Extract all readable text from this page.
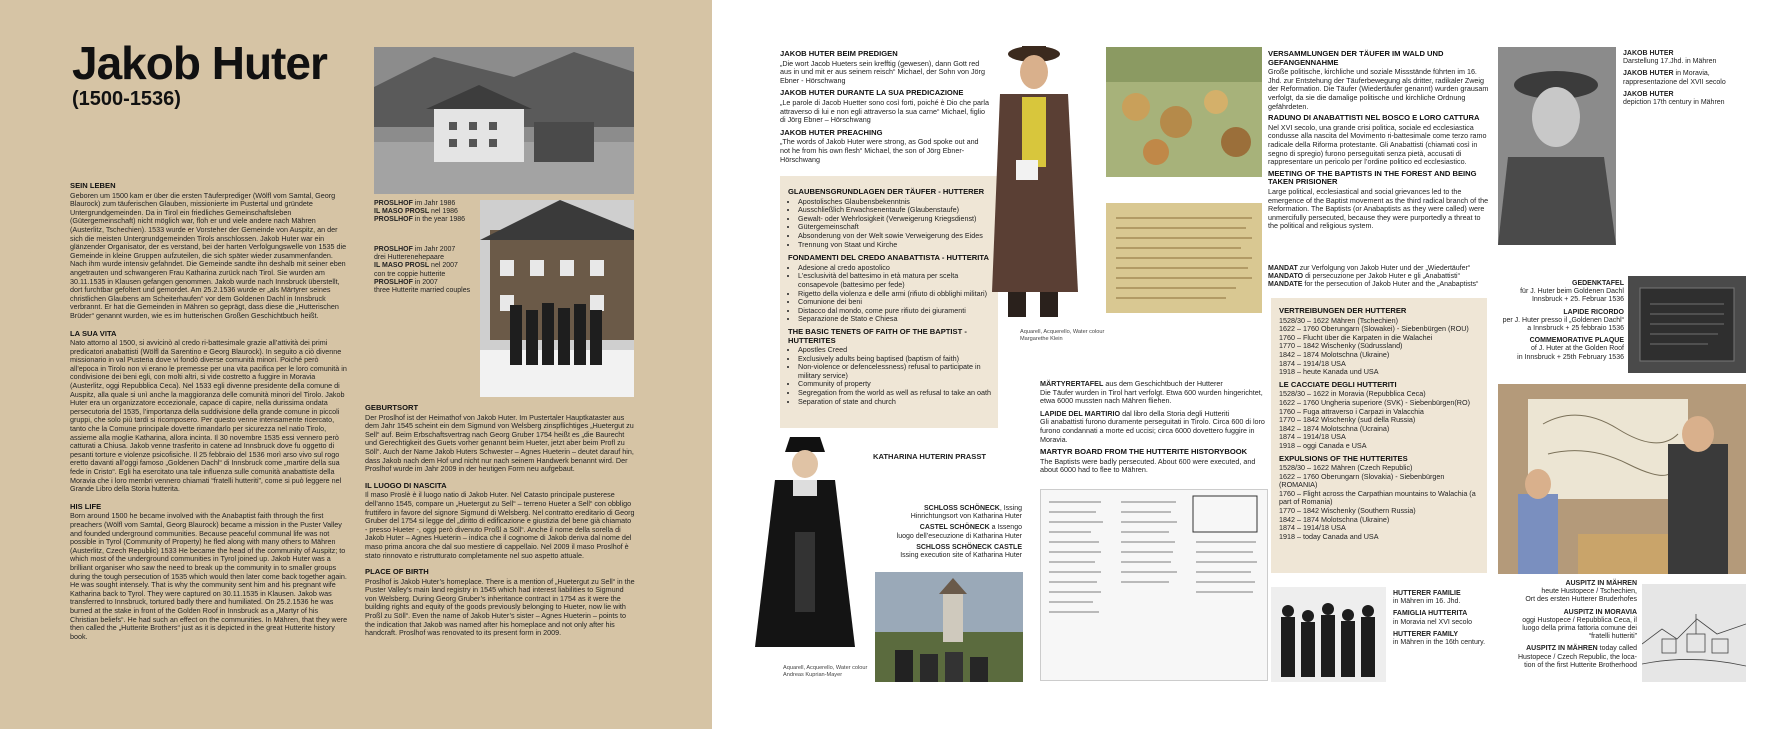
Jakob Huter
(1500-1536)
SEIN LEBEN
Geboren um 1500 kam er über die ersten Täuferprediger (Wölfl vom Samtal, Georg Blaurock) zum täuferischen Glauben, missionierte im Pustertal und gründete Untergrundgemeinden. Da in Tirol ein friedliches Gemeinschaftsleben (Gütergemeinschaft) nicht möglich war, floh er und viele andere nach Mähren (Austerlitz, Tschechien). 1533 wurde er Vorsteher der Gemeinde von Auspitz, an der sich die meisten Untergrundgemeinden Tirols anschlossen. Jakob Huter war ein glänzender Organisator, der es verstand, bei der harten Verfolgungswelle von 1535 die Gemeinde in kleine Gruppen aufzuteilen, die sich später wieder zusammenfanden. Nach ihm wurde intensiv gefahndet. Die Gemeinde sandte ihn deshalb mit seiner eben angetrauten und schwangeren Frau Katharina zurück nach Tirol. Sie wurden am 30.11.1535 in Klausen gefangen genommen. Jakob wurde nach Innsbruck überstellt, dort furchtbar gefoltert und gemordet. Am 25.2.1536 wurde er „als Märtyrer seines christlichen Glaubens am Scheiterhaufen“ vor dem Goldenen Dachl in Innsbruck verbrannt. Er hat die Gemeinden in Mähren so geprägt, dass diese die „Hutterischen Brüder“ genannt wurden, wie es im hutterischen Großen Geschichtbuch heißt.
LA SUA VITA
Nato attorno al 1500, si avvicinò al credo ri-battesimale grazie all’attività dei primi predicatori anabattisti (Wölfl da Sarentino e Georg Blaurock). In seguito a ciò divenne missionario in val Pusteria dove vi fondò diverse comunità minori. Poiché però all’epoca in Tirolo non vi erano le premesse per una vita pacifica per le loro comunità in condivisione dei beni egli, con molti altri, si vide costretto a fuggire in Moravia (Austerlitz, oggi Repubblica Ceca). Nel 1533 egli divenne presidente della comune di Auspitz, alla quale si unì anche la maggioranza delle comunità minori del Tirolo. Jakob Huter era un organizzatore eccezionale, capace di capire, nella durissima ondata persecutoria del 1535, l’importanza della suddivisione della grande comune in piccoli gruppi, che solo più tardi si ricomposero. Per questo venne intensamente ricercato, tanto che la Comune principale dovette rimandarlo per sicurezza nel natio Tirolo, assieme alla moglie Katharina, allora incinta. Il 30 novembre 1535 essi vennero però catturati a Chiusa. Jakob venne trasferito in catene ad Innsbruck dove fu oggetto di pesanti torture e violenze psicofisiche. Il 25 febbraio del 1536 morì arso vivo sul rogo eretto davanti all’oggi famoso „Goldenen Dachl“ di Innsbruck come „martire della sua fede in Cristo“. Egli ha esercitato una tale influenza sulle comunità anabattiste della Moravia che i loro membri vennero chiamati “fratelli hutteriti”, come si può leggere nel Grande Libro della Storia hutterita.
HIS LIFE
Born around 1500 he became involved with the Anabaptist faith through the first preachers (Wölfl vom Samtal, Georg Blaurock) became a mission in the Puster Valley and founded underground communities. Because peaceful communal life was not possible in Tyrol (Community of Property) he fled along with many others to Mähren (Austerlitz, Czech Republic) 1533 He became the head of the community of Auspitz; to which most of the underground communities in Tyrol joined up. Jakob Huter was a brilliant organiser who saw the need to break up the community in to smaller groups during the tough persecution of 1535 which would then later come back together again. He was sought intensely. That is why the community sent him and his pregnant wife Katharina back to Tyrol. They were captured on 30.11.1535 in Klausen. Jakob was transferred to Innsbruck, tortured badly there and humiliated. On 25.2.1536 he was burned at the stake in front of the Golden Roof in Innsbruck as a „Martyr of his Christian beliefs“. He had such an effect on the communities. In Mähren, that they were then called the „Hutterite Brothers“ just as it is depicted in the great Hutterite history book.
PROSLHOF im Jahr 1986
IL MASO PROSL nel 1986
PROSLHOF in the year 1986
PROSLHOF im Jahr 2007
drei Hutterenehepaare
IL MASO PROSL nel 2007
con tre coppie hutterite
PROSLHOF in 2007
three Hutterite married couples
GEBURTSORT
Der Proslhof ist der Heimathof von Jakob Huter. Im Pustertaler Hauptkataster aus dem Jahr 1545 scheint ein dem Sigmund von Welsberg zinspflichtiges „Huetergut zu Sell“ auf. Beim Erbschaftsvertrag nach Georg Gruber 1754 heißt es „die Baurecht und Gerechtigkeit des Guets vorher genannt beim Hueter, jetzt aber beim Profl zu Söll“. Auch der Name Jakob Huters Schwester – Agnes Hueterin – deutet darauf hin, dass Jakob nach dem Hof und nicht nur nach seinem Handwerk benannt wird. Der Proslhof wurde im Jahr 2009 in der heutigen Form neu aufgebaut.
IL LUOGO DI NASCITA
Il maso Proslè è il luogo natio di Jakob Huter. Nel Catasto principale pusterese dell’anno 1545, compare un „Huetergut zu Sell“ – terreno Hueter a Sell“ con obbligo fruttifero in favore del signore Sigmund di Welsberg. Nel contratto ereditario di Georg Gruber del 1754 si legge del „diritto di edificazione e giustizia del bene già chiamato - presso Hueter -, oggi però divenuto Proßl a Söll“. Anche il nome della sorella di Jakob Huter – Agnes Hueterin – indica che il cognome di Jakob deriva dal nome del maso prima ancora che dal suo mestiere di cappellaio. Nel 2009 il maso Proslhof è stato rinnovato e ristrutturato completamente nel suo aspetto attuale.
PLACE OF BIRTH
Proslhof is Jakob Huter’s homeplace. There is a mention of „Huetergut zu Sell“ in the Puster Valley’s main land registry in 1545 which had interest liabilities to Sigmund von Welsberg. During Georg Gruber’s inheritance contract in 1754 as it were the building rights and equity of the goods previously belonging to Hueter, now lie with Proßl zu Söll“. Even the name of Jakob Huter’s sister – Agnes Hueterin – points to the indication that Jakob was named after his homeplace and not only after his handcraft. Proslhof was renovated to its present form in 2009.
JAKOB HUTER BEIM PREDIGEN
„Die wort Jacob Hueters sein krefftig (gewesen), dann Gott red aus in und mit er aus seinem reisch“ Michael, der Sohn von Jörg Ebner - Hörschwang
JAKOB HUTER DURANTE LA SUA PREDICAZIONE
„Le parole di Jacob Huetter sono così forti, poiché è Dio che parla attraverso di lui e non egli attraverso la sua carne“ Michael, figlio di Jörg Ebner – Hörschwang
JAKOB HUTER PREACHING
„The words of Jakob Huter were strong, as God spoke out and not he from his own flesh“ Michael, the son of Jörg Ebner-Hörschwang
GLAUBENSGRUNDLAGEN DER TÄUFER - HUTTERER
• Apostolisches Glaubensbekenntnis
• Ausschließlich Erwachsenentaufe (Glaubenstaufe)
• Gewalt- oder Wehrlosigkeit (Verweigerung Kriegsdienst)
• Gütergemeinschaft
• Absonderung von der Welt sowie Verweigerung des Eides
• Trennung von Staat und Kirche
FONDAMENTI DEL CREDO ANABATTISTA - HUTTERITA
• Adesione al credo apostolico
• L’esclusività del battesimo in età matura per scelta consapevole (battesimo per fede)
• Rigetto della violenza e delle armi (rifiuto di obblighi militari)
• Comunione dei beni
• Distacco dal mondo, come pure rifiuto dei giuramenti
• Separazione de Stato e Chiesa
THE BASIC TENETS OF FAITH OF THE BAPTIST - HUTTERITES
• Apostles Creed
• Exclusively adults being baptised (baptism of faith)
• Non-violence or defencelessness) refusal to participate in military service)
• Community of property
• Segregation from the world as well as refusal to take an oath
• Separation of state and church
Aquarell, Acquerello, Water colour
Margarethe Klein
Aquarell, Acquerello, Water colour
Andreas Kuprian-Mayer
KATHARINA HUTERIN PRASST
SCHLOSS SCHÖNECK, Issing
Hinrichtungsort von Katharina Huter
CASTEL SCHÖNECK a Issengo
luogo dell’esecuzione di Katharina Huter
SCHLOSS SCHÖNECK CASTLE
Issing execution site of Katharina Huter
MÄRTYRERTAFEL aus dem Geschichtbuch der Hutterer
Die Täufer wurden in Tirol hart verfolgt. Etwa 600 wurden hingerichtet, etwa 6000 mussten nach Mähren fliehen.
LAPIDE DEL MARTIRIO dal libro della Storia degli Hutteriti
Gli anabattisti furono duramente perseguitati in Tirolo. Circa 600 di loro furono condannati a morte ed uccisi; circa 6000 dovettero fuggire in Moravia.
MARTYR BOARD FROM THE HUTTERITE HISTORYBOOK
The Baptists were badly persecuted. About 600 were executed, and about 6000 had to flee to Mähren.
VERSAMMLUNGEN DER TÄUFER IM WALD UND GEFANGENNAHME
Große politische, kirchliche und soziale Missstände führten im 16. Jhd. zur Entstehung der Täuferbewegung als dritter, radikaler Zweig der Reformation. Die Täufer (Wiedertäufer genannt) wurden grausam verfolgt, da sie die damalige politische und kirchliche Ordnung gefährdeten.
RADUNO DI ANABATTISTI NEL BOSCO E LORO CATTURA
Nel XVI secolo, una grande crisi politica, sociale ed ecclesiastica condusse alla nascita del Movimento ri-battesimale come terzo ramo radicale della Riforma protestante. Gli Anabattisti (chiamati così in segno di spregio) furono perseguitati senza pietà, accusati di rappresentare un pericolo per l’ordine politico ed ecclesiastico.
MEETING OF THE BAPTISTS IN THE FOREST AND BEING TAKEN PRISIONER
Large political, ecclesiastical and social grievances led to the emergence of the Baptist movement as the third radical branch of the Reformation. The Baptists (or Anabaptists as they were called) were unmercifully persecuted, because they were purportedly a threat to the political and religious system.
MANDAT zur Verfolgung von Jakob Huter und der „Wiedertäufer“
MANDATO di persecuzione per Jakob Huter e gli „Anabattisti“
MANDATE for the persecution of Jakob Huter and the „Anabaptists“
JAKOB HUTER
Darstellung 17.Jhd. in Mähren
JAKOB HUTER in Moravia,
rappresentazione del XVII secolo
JAKOB HUTER
depiction 17th century in Mähren
VERTREIBUNGEN DER HUTTERER
1528/30 – 1622 Mähren (Tschechien)
1622 – 1760 Oberungarn (Slowakei) - Siebenbürgen (ROU)
1760 – Flucht über die Karpaten in die Walachei
1770 – 1842 Wischenky (Südrussland)
1842 – 1874 Molotschna (Ukraine)
1874 – 1914/18 USA
1918 – heute Kanada und USA
LE CACCIATE DEGLI HUTTERITI
1528/30 – 1622 in Moravia (Repubblica Ceca)
1622 – 1760 Ungheria superiore (SVK) - Siebenbürgen(RO)
1760 – Fuga attraverso i Carpazi in Valacchia
1770 – 1842 Wischenky (sud della Russia)
1842 – 1874 Molotschna (Ucraina)
1874 – 1914/18 USA
1918 – oggi Canada e USA
EXPULSIONS OF THE HUTTERITES
1528/30 – 1622 Mähren (Czech Republic)
1622 – 1760 Oberungarn (Slovakia) - Siebenbürgen (ROMANIA)
1760 – Flight across the Carpathian mountains to Walachia (a part of Romania)
1770 – 1842 Wischenky (Southern Russia)
1842 – 1874 Molotschna (Ukraine)
1874 – 1914/18 USA
1918 – today Canada and USA
GEDENKTAFEL
für J. Huter beim Goldenen Dachl
Innsbruck + 25. Februar 1536
LAPIDE RICORDO
per J. Huter presso il „Goldenen Dachl“
a Innsbruck + 25 febbraio 1536
COMMEMORATIVE PLAQUE
of J. Huter at the Golden Roof
in Innsbruck + 25th February 1536
HUTTERER FAMILIE
in Mähren im 16. Jhd.
FAMIGLIA HUTTERITA
in Moravia nel XVI secolo
HUTTERER FAMILY
in Mähren in the 16th century.
AUSPITZ IN MÄHREN
heute Hustopece / Tschechien,
Ort des ersten Hutterer Bruderhofes
AUSPITZ IN MORAVIA
oggi Hustopece / Repubblica Ceca, il
luogo della prima fattoria comune dei
“fratelli hutteriti”
AUSPITZ IN MÄHREN today called
Hustopece / Czech Republic, the loca-
tion of the first Hutterite Brotherhood
